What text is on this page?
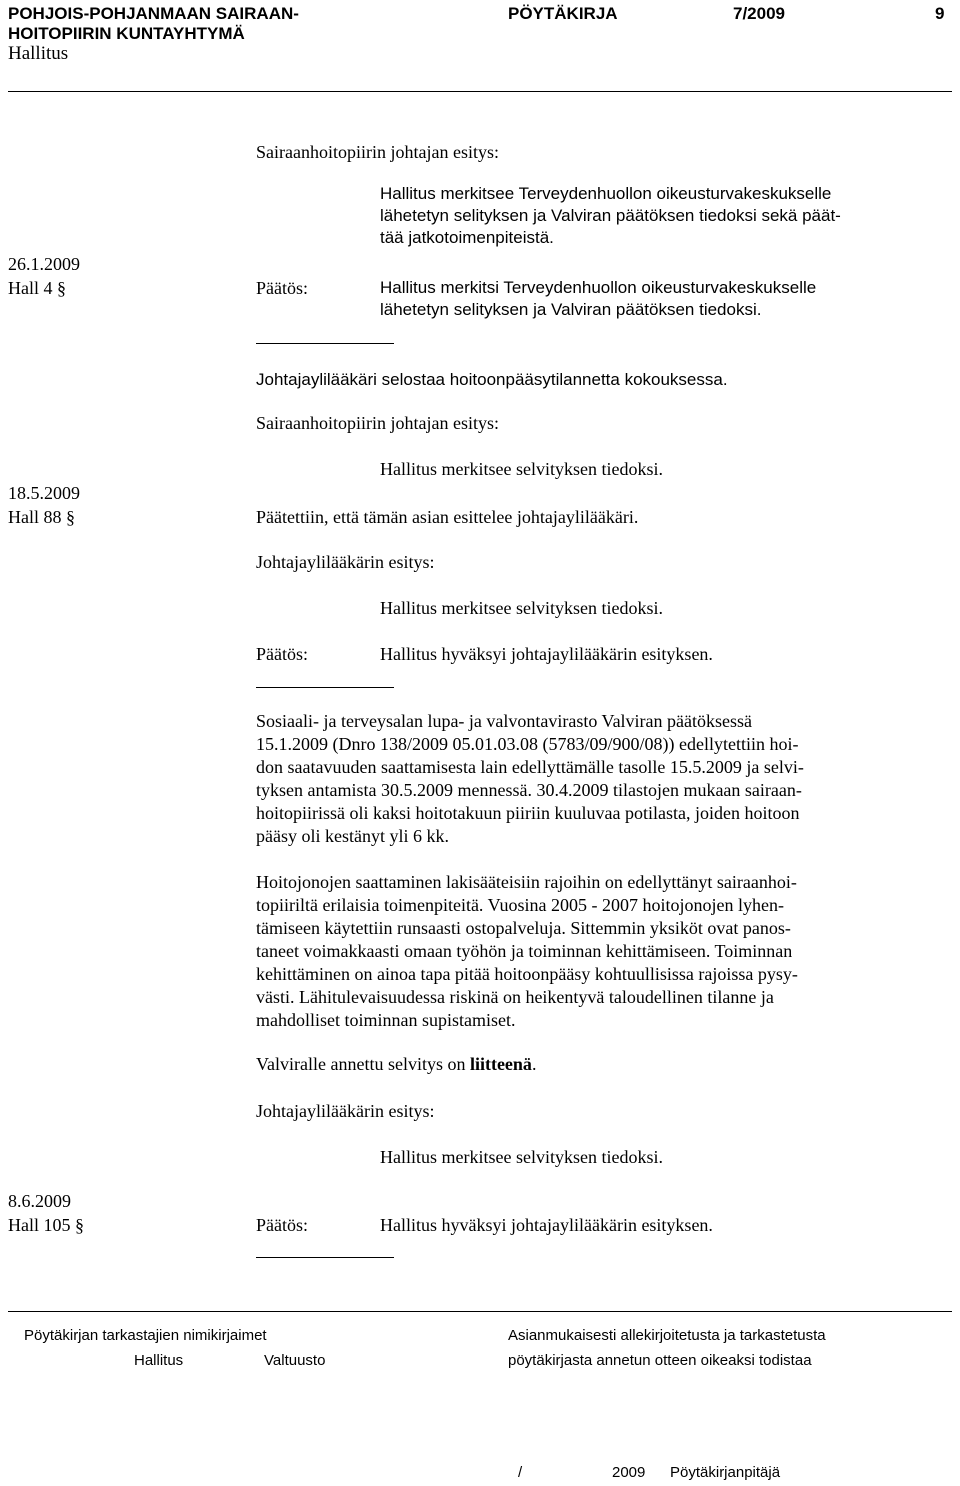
POHJOIS-POHJANMAAN SAIRAAN-
HOITOPIIRIN KUNTAYHTYMÄ
PÖYTÄKIRJA	7/2009	9
Hallitus
Sairaanhoitopiirin johtajan esitys:
Hallitus merkitsee Terveydenhuollon oikeusturvakeskukselle
lähetetyn selityksen ja Valviran päätöksen tiedoksi sekä päät-
tää jatkotoimenpiteistä.
26.1.2009
Hall 4 §	Päätös:	Hallitus merkitsi Terveydenhuollon oikeusturvakeskukselle
lähetetyn selityksen ja Valviran päätöksen tiedoksi.
Johtajaylilääkäri selostaa hoitoonpääsytilannetta kokouksessa.
Sairaanhoitopiirin johtajan esitys:
Hallitus merkitsee selvityksen tiedoksi.
18.5.2009
Hall 88 §	Päätettiin, että tämän asian esittelee johtajaylilääkäri.
Johtajaylilääkärin esitys:
Hallitus merkitsee selvityksen tiedoksi.
Päätös:	Hallitus hyväksyi johtajaylilääkärin esityksen.
Sosiaali- ja terveysalan lupa- ja valvontavirasto Valviran päätöksessä
15.1.2009 (Dnro 138/2009 05.01.03.08 (5783/09/900/08)) edellytettiin hoi-
don saatavuuden saattamisesta lain edellyttämälle tasolle 15.5.2009 ja selvi-
tyksen antamista 30.5.2009 mennessä. 30.4.2009 tilastojen mukaan sairaan-
hoitopiirissä oli kaksi hoitotakuun piiriin kuuluvaa potilasta, joiden hoitoon
pääsy oli kestänyt yli 6 kk.
Hoitojonojen saattaminen lakisääteisiin rajoihin on edellyttänyt sairaanhoi-
topiiriltä erilaisia toimenpiteitä. Vuosina 2005 - 2007 hoitojonojen lyhen-
tämiseen käytettiin runsaasti ostopalveluja. Sittemmin yksiköt ovat panos-
taneet voimakkaasti omaan työhön ja toiminnan kehittämiseen. Toiminnan
kehittäminen on ainoa tapa pitää hoitoonpääsy kohtuullisissa rajoissa pysy-
västi. Lähitulevaisuudessa riskinä on heikentyvä taloudellinen tilanne ja
mahdolliset toiminnan supistamiset.
Valviralle annettu selvitys on liitteenä.
Johtajaylilääkärin esitys:
Hallitus merkitsee selvityksen tiedoksi.
8.6.2009
Hall 105 §	Päätös:	Hallitus hyväksyi johtajaylilääkärin esityksen.
Pöytäkirjan tarkastajien nimikirjaimet
Hallitus	Valtuusto
Asianmukaisesti allekirjoitetusta ja tarkastetusta
pöytäkirjasta annetun otteen oikeaksi todistaa
/	2009 Pöytäkirjanpitäjä
